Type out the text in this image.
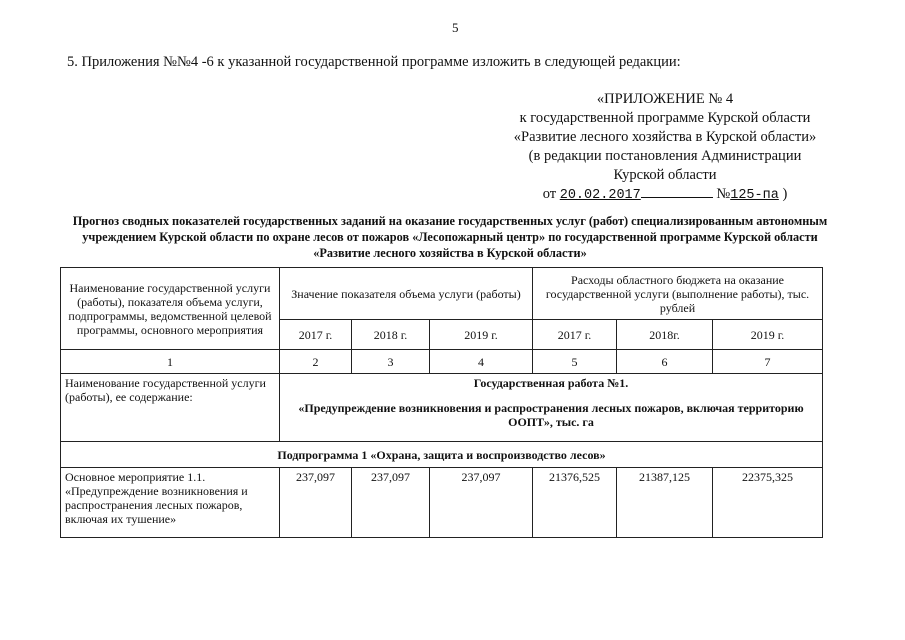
5
5. Приложения №№4 -6 к указанной государственной программе изложить в следующей редакции:
«ПРИЛОЖЕНИЕ № 4
к государственной программе Курской области
«Развитие лесного хозяйства в Курской области»
(в редакции постановления Администрации
Курской области
от 20.02.2017	№125-па )
Прогноз сводных показателей государственных заданий на оказание государственных услуг (работ) специализированным автономным учреждением Курской области по охране лесов от пожаров «Лесопожарный центр» по государственной программе Курской области «Развитие лесного хозяйства в Курской области»
Наименование государственной услуги (работы), показателя объема услуги, подпрограммы, ведомственной целевой программы, основного мероприятия	Значение показателя объема услуги (работы)			Расходы областного бюджета на оказание государственной услуги (выполнение работы), тыс. рублей		
	2017 г.	2018 г.	2019 г.	2017 г.	2018г.	2019 г.
1	2	3	4	5	6	7
Наименование государственной услуги (работы), ее содержание:	Государственная работа №1.
«Предупреждение возникновения и распространения лесных пожаров, включая территорию ООПТ», тыс. га					

Подпрограмма 1 «Охрана, защита и воспроизводство лесов»						
Основное мероприятие 1.1. «Предупреждение возникновения и распространения лесных пожаров, включая их тушение»	237,097	237,097	237,097	21376,525	21387,125	22375,325
